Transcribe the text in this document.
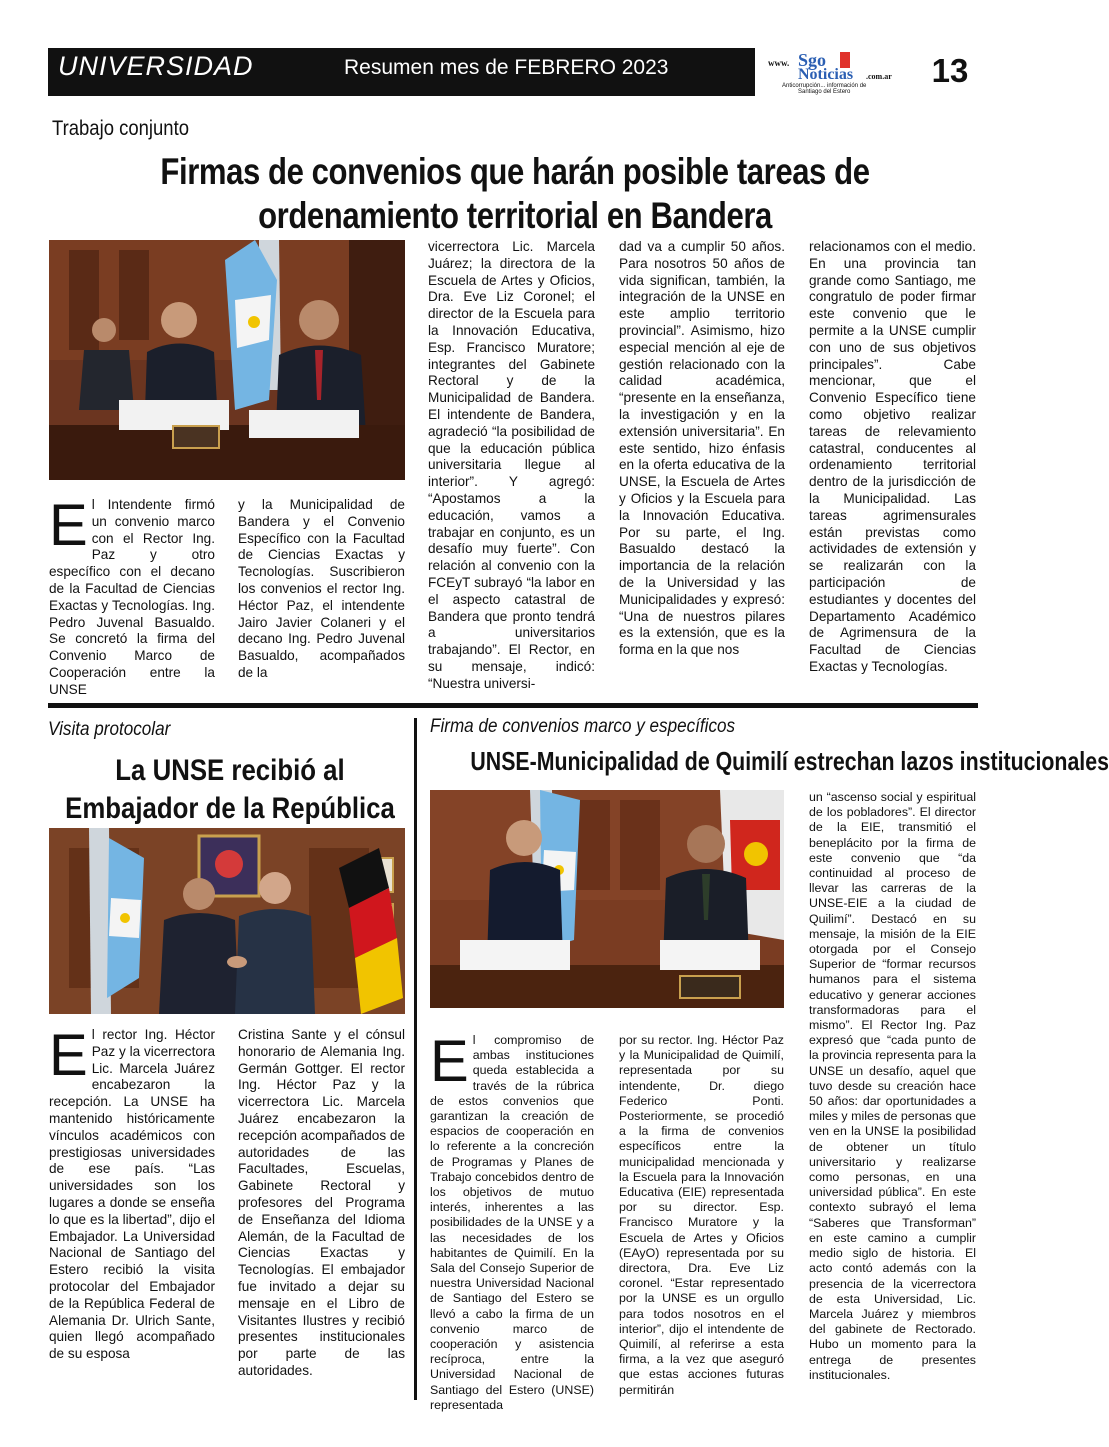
UNIVERSIDAD	Resumen mes de FEBRERO 2023	www. Sgo
Noticias .com.ar
Anticorrupción... información de
Santiago del Estero
13
Trabajo conjunto
Firmas de convenios que harán posible tareas de ordenamiento territorial en Bandera
El Intendente firmó un convenio marco con el Rector Ing. Paz y otro específico con el decano de la Facultad de Ciencias Exactas y Tecnologías. Ing. Pedro Juvenal Basualdo. Se concretó la firma del Convenio Marco de Cooperación entre la UNSE

y la Municipalidad de Bandera y el Convenio Específico con la Facultad de Ciencias Exactas y Tecnologías. Suscribieron los convenios el rector Ing. Héctor Paz, el intendente Jairo Javier Colaneri y el decano Ing. Pedro Juvenal Basualdo, acompañados de la

vicerrectora Lic. Marcela Juárez; la directora de la Escuela de Artes y Oficios, Dra. Eve Liz Coronel; el director de la Escuela para la Innovación Educativa, Esp. Francisco Muratore; integrantes del Gabinete Rectoral y de la Municipalidad de Bandera. El intendente de Bandera, agradeció “la posibilidad de que la educación pública universitaria llegue al interior”. Y agregó: “Apostamos a la educación, vamos a trabajar en conjunto, es un desafío muy fuerte”. Con relación al convenio con la FCEyT subrayó “la labor en el aspecto catastral de Bandera que pronto tendrá a universitarios trabajando”. El Rector, en su mensaje, indicó: “Nuestra universi-

dad va a cumplir 50 años. Para nosotros 50 años de vida significan, también, la integración de la UNSE en este amplio territorio provincial”. Asimismo, hizo especial mención al eje de gestión relacionado con la calidad académica, “presente en la enseñanza, la investigación y en la extensión universitaria”. En este sentido, hizo énfasis en la oferta educativa de la UNSE, la Escuela de Artes y Oficios y la Escuela para la Innovación Educativa. Por su parte, el Ing. Basualdo destacó la importancia de la relación de la Universidad y las Municipalidades y expresó: “Una de nuestros pilares es la extensión, que es la forma en la que nos

relacionamos con el medio. En una provincia tan grande como Santiago, me congratulo de poder firmar este convenio que le permite a la UNSE cumplir con uno de sus objetivos principales”. Cabe mencionar, que el Convenio Específico tiene como objetivo realizar tareas de relevamiento catastral, conducentes al ordenamiento territorial dentro de la jurisdicción de la Municipalidad. Las tareas agrimensurales están previstas como actividades de extensión y se realizarán con la participación de estudiantes y docentes del Departamento Académico de Agrimensura de la Facultad de Ciencias Exactas y Tecnologías.

Visita protocolar
La UNSE recibió al Embajador de la República
El rector Ing. Héctor Paz y la vicerrectora Lic. Marcela Juárez encabezaron la recepción. La UNSE ha mantenido históricamente vínculos académicos con prestigiosas universidades de ese país. “Las universidades son los lugares a donde se enseña lo que es la libertad”, dijo el Embajador. La Universidad Nacional de Santiago del Estero recibió la visita protocolar del Embajador de la República Federal de Alemania Dr. Ulrich Sante, quien llegó acompañado de su esposa

Cristina Sante y el cónsul honorario de Alemania Ing. Germán Gottger. El rector Ing. Héctor Paz y la vicerrectora Lic. Marcela Juárez encabezaron la recepción acompañados de autoridades de las Facultades, Escuelas, Gabinete Rectoral y profesores del Programa de Enseñanza del Idioma Alemán, de la Facultad de Ciencias Exactas y Tecnologías. El embajador fue invitado a dejar su mensaje en el Libro de Visitantes Ilustres y recibió presentes institucionales por parte de las autoridades.

Firma de convenios marco y específicos
UNSE-Municipalidad de Quimilí estrechan lazos institucionales
El compromiso de ambas instituciones queda establecida a través de la rúbrica de estos convenios que garantizan la creación de espacios de cooperación en lo referente a la concreción de Programas y Planes de Trabajo concebidos dentro de los objetivos de mutuo interés, inherentes a las posibilidades de la UNSE y a las necesidades de los habitantes de Quimilí. En la Sala del Consejo Superior de nuestra Universidad Nacional de Santiago del Estero se llevó a cabo la firma de un convenio marco de cooperación y asistencia recíproca, entre la Universidad Nacional de Santiago del Estero (UNSE) representada

por su rector. Ing. Héctor Paz y la Municipalidad de Quimilí, representada por su intendente, Dr. diego Federico Ponti. Posteriormente, se procedió a la firma de convenios específicos entre la municipalidad mencionada y la Escuela para la Innovación Educativa (EIE) representada por su director. Esp. Francisco Muratore y la Escuela de Artes y Oficios (EAyO) representada por su directora, Dra. Eve Liz coronel. “Estar representado por la UNSE es un orgullo para todos nosotros en el interior”, dijo el intendente de Quimilí, al referirse a esta firma, a la vez que aseguró que estas acciones futuras permitirán

un “ascenso social y espiritual de los pobladores”. El director de la EIE, transmitió el beneplácito por la firma de este convenio que “da continuidad al proceso de llevar las carreras de la UNSE-EIE a la ciudad de Quilimí”. Destacó en su mensaje, la misión de la EIE otorgada por el Consejo Superior de “formar recursos humanos para el sistema educativo y generar acciones transformadoras para el mismo”. El Rector Ing. Paz expresó que “cada punto de la provincia representa para la UNSE un desafío, aquel que tuvo desde su creación hace 50 años: dar oportunidades a miles y miles de personas que ven en la UNSE la posibilidad de obtener un título universitario y realizarse como personas, en una universidad pública”. En este contexto subrayó el lema “Saberes que Transforman” en este camino a cumplir medio siglo de historia. El acto contó además con la presencia de la vicerrectora de esta Universidad, Lic. Marcela Juárez y miembros del gabinete de Rectorado. Hubo un momento para la entrega de presentes institucionales.
